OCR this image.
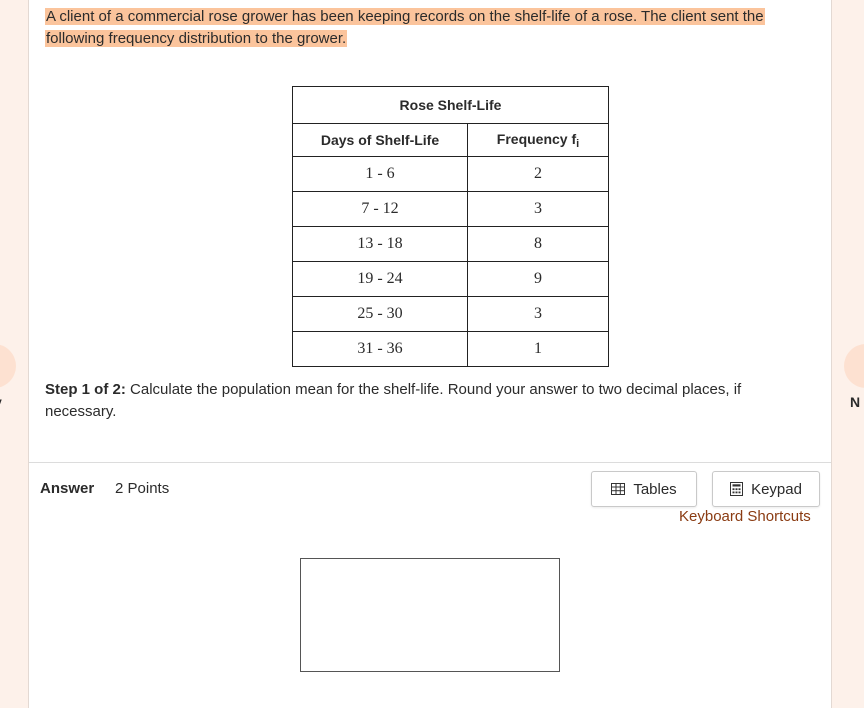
N
A client of a commercial rose grower has been keeping records on the shelf-life of a rose. The client sent the following frequency distribution to the grower.
Rose Shelf-Life	
Days of Shelf-Life	Frequency $f_i$
1 - 6	2
7 - 12	3
13 - 18	8
19 - 24	9
25 - 30	3
31 - 36	1
Step 1 of 2: Calculate the population mean for the shelf-life. Round your answer to two decimal places, if necessary.
Answer 2 Points	Tables	Keypad
Keyboard Shortcuts
